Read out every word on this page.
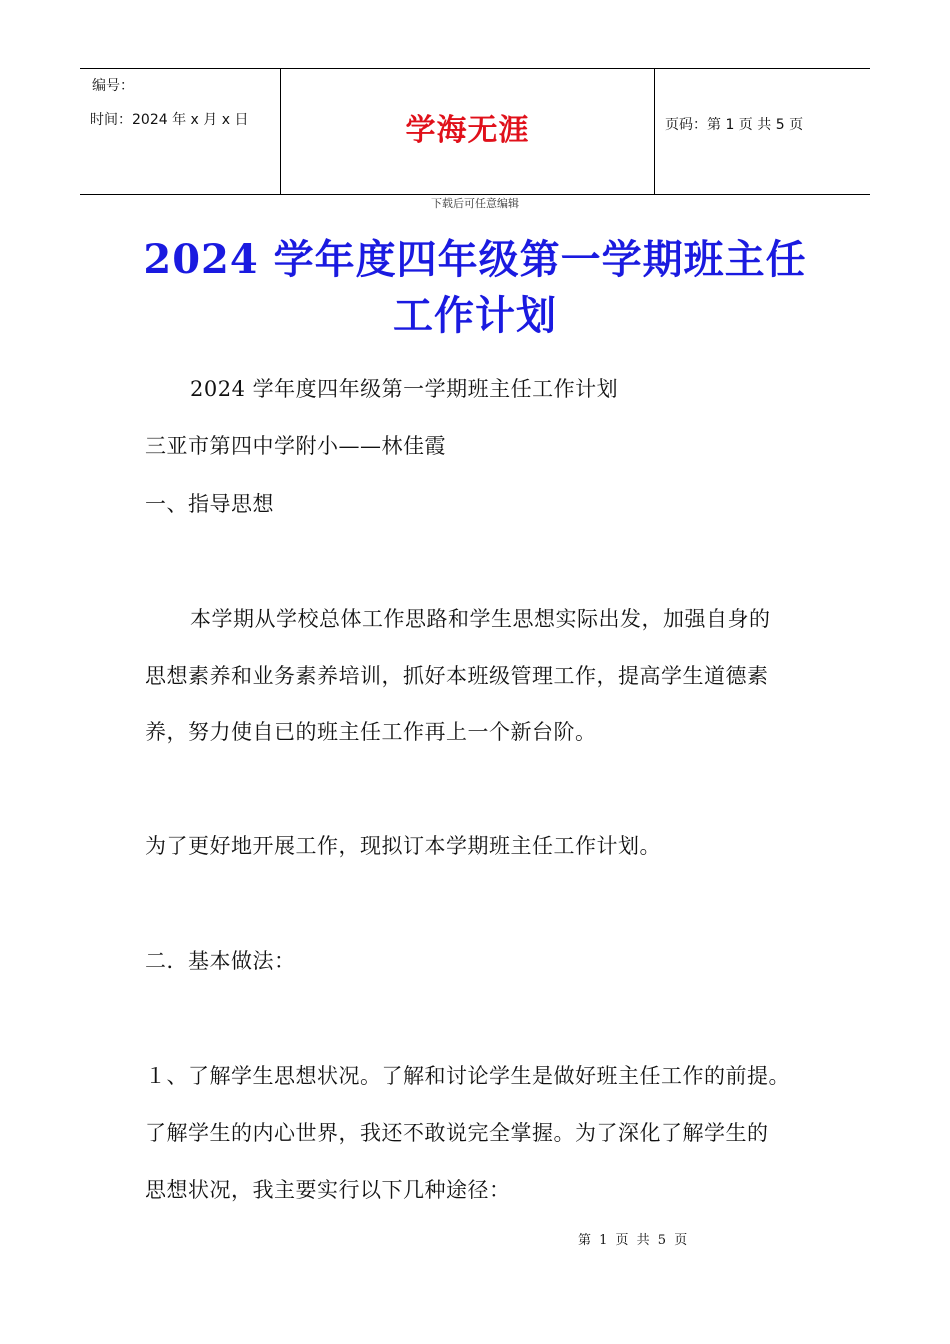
编号：
时间：2024 年 x 月 x 日	学海无涯	页码：第 1 页 共 5 页
下载后可任意编辑
2024 学年度四年级第一学期班主任
工作计划
2024 学年度四年级第一学期班主任工作计划
三亚市第四中学附小——林佳霞
一、指导思想
本学期从学校总体工作思路和学生思想实际出发，加强自身的
思想素养和业务素养培训，抓好本班级管理工作，提高学生道德素
养，努力使自已的班主任工作再上一个新台阶。
为了更好地开展工作，现拟订本学期班主任工作计划。
二．基本做法：
１、了解学生思想状况。了解和讨论学生是做好班主任工作的前提。
了解学生的内心世界，我还不敢说完全掌握。为了深化了解学生的
思想状况，我主要实行以下几种途径：
第 1 页 共 5 页
